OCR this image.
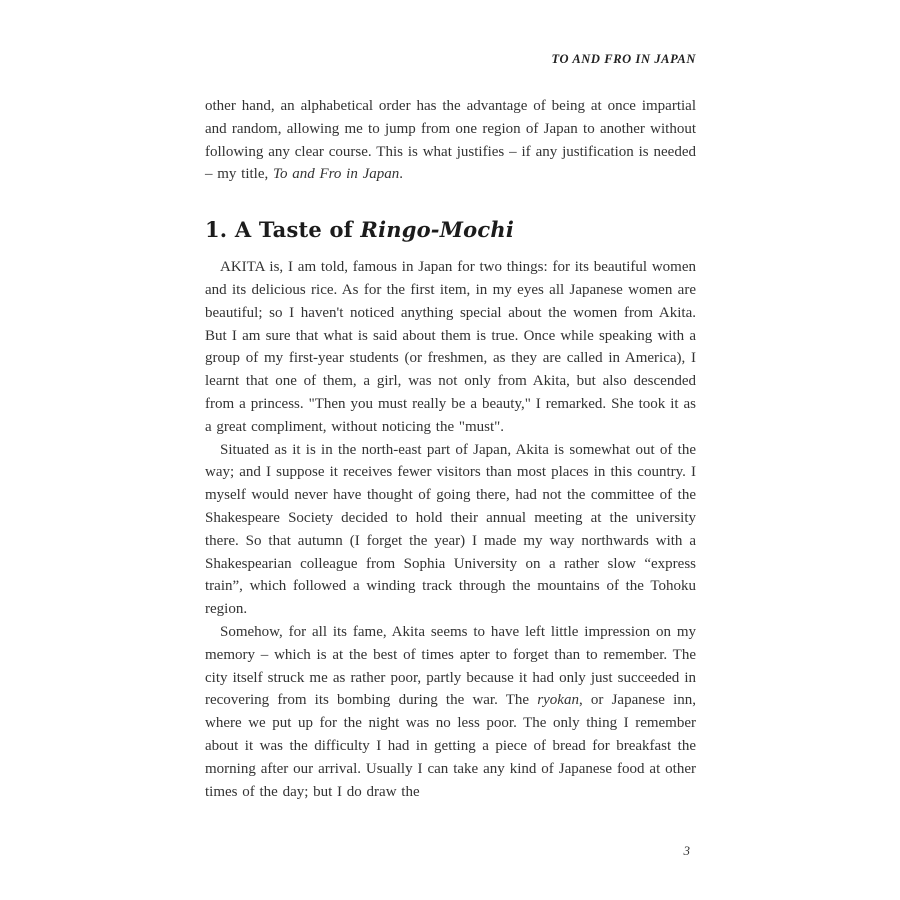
TO AND FRO IN JAPAN

other hand, an alphabetical order has the advantage of being at once impartial and random, allowing me to jump from one region of Japan to another without following any clear course. This is what justifies – if any justification is needed – my title, To and Fro in Japan.

1. A Taste of Ringo-Mochi

AKITA is, I am told, famous in Japan for two things: for its beautiful women and its delicious rice. As for the first item, in my eyes all Japanese women are beautiful; so I haven't noticed anything special about the women from Akita. But I am sure that what is said about them is true. Once while speaking with a group of my first-year students (or freshmen, as they are called in America), I learnt that one of them, a girl, was not only from Akita, but also descended from a princess. "Then you must really be a beauty," I remarked. She took it as a great compliment, without noticing the "must".

Situated as it is in the north-east part of Japan, Akita is somewhat out of the way; and I suppose it receives fewer visitors than most places in this country. I myself would never have thought of going there, had not the committee of the Shakespeare Society decided to hold their annual meeting at the university there. So that autumn (I forget the year) I made my way northwards with a Shakespearian colleague from Sophia University on a rather slow “express train”, which followed a winding track through the mountains of the Tohoku region.

Somehow, for all its fame, Akita seems to have left little impression on my memory – which is at the best of times apter to forget than to remember. The city itself struck me as rather poor, partly because it had only just succeeded in recovering from its bombing during the war. The ryokan, or Japanese inn, where we put up for the night was no less poor. The only thing I remember about it was the difficulty I had in getting a piece of bread for breakfast the morning after our arrival. Usually I can take any kind of Japanese food at other times of the day; but I do draw the

3
